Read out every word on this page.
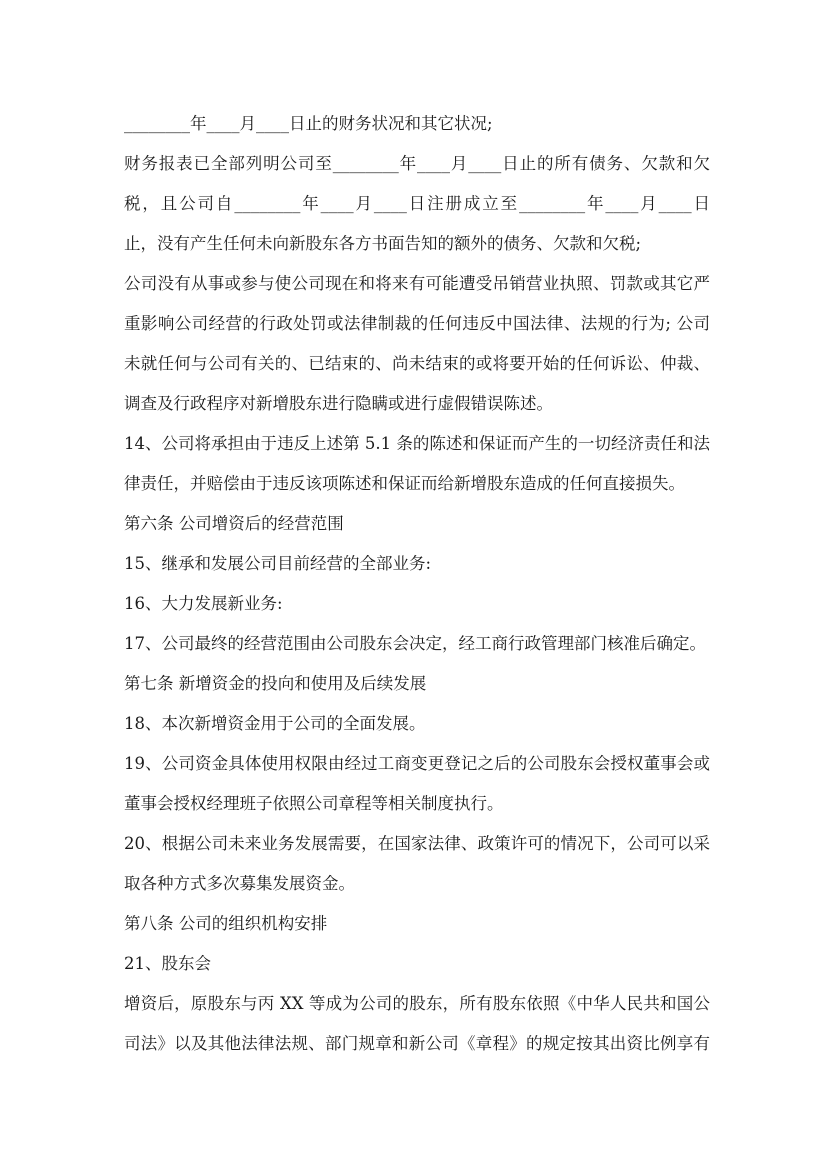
________年____月____日止的财务状况和其它状况;
财务报表已全部列明公司至________年____月____日止的所有债务、欠款和欠
税，且公司自________年____月____日注册成立至________年____月____日
止，没有产生任何未向新股东各方书面告知的额外的债务、欠款和欠税;
公司没有从事或参与使公司现在和将来有可能遭受吊销营业执照、罚款或其它严
重影响公司经营的行政处罚或法律制裁的任何违反中国法律、法规的行为; 公司
未就任何与公司有关的、已结束的、尚未结束的或将要开始的任何诉讼、仲裁、
调查及行政程序对新增股东进行隐瞒或进行虚假错误陈述。
14、公司将承担由于违反上述第 5.1 条的陈述和保证而产生的一切经济责任和法
律责任，并赔偿由于违反该项陈述和保证而给新增股东造成的任何直接损失。
第六条 公司增资后的经营范围
15、继承和发展公司目前经营的全部业务:
16、大力发展新业务:
17、公司最终的经营范围由公司股东会决定，经工商行政管理部门核准后确定。
第七条 新增资金的投向和使用及后续发展
18、本次新增资金用于公司的全面发展。
19、公司资金具体使用权限由经过工商变更登记之后的公司股东会授权董事会或
董事会授权经理班子依照公司章程等相关制度执行。
20、根据公司未来业务发展需要，在国家法律、政策许可的情况下，公司可以采
取各种方式多次募集发展资金。
第八条 公司的组织机构安排
21、股东会
增资后，原股东与丙 XX 等成为公司的股东，所有股东依照《中华人民共和国公
司法》以及其他法律法规、部门规章和新公司《章程》的规定按其出资比例享有
